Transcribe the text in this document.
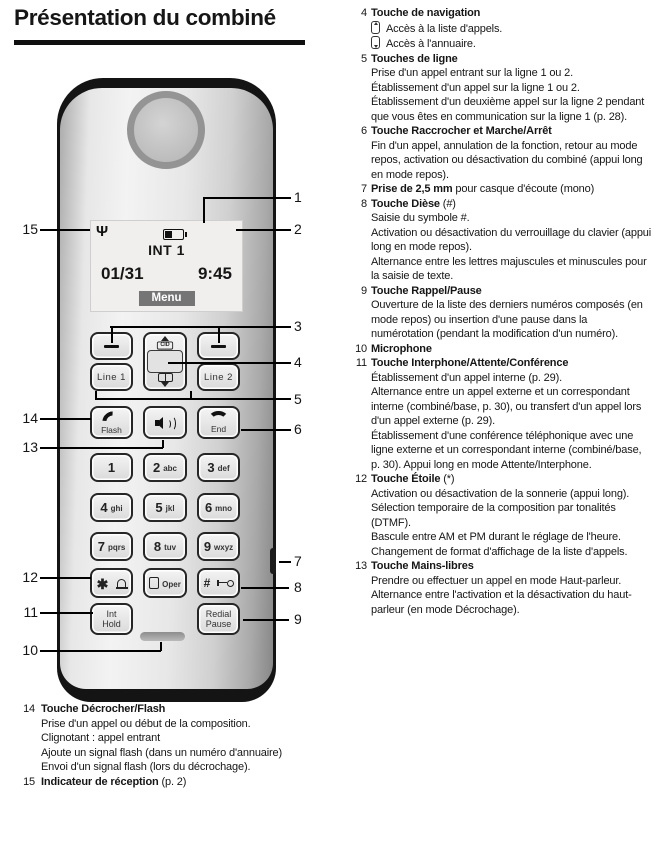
Présentation du combiné
Ψ
INT 1
01/31	9:45
Menu
CID
Line 1	Line 2
Flash	End
✱	Oper #
Int
Hold
Redial
Pause
1	2 abc 3 def
4 ghi	5 jkl 6 mno
7 pqrs 8 tuv 9 wxyz
1
2
3
4
5
6
7
8
9
10
11
12
13
14
15
4 Touche de navigation
Accès à la liste d'appels.
Accès à l'annuaire.
5 Touches de ligne
Prise d'un appel entrant sur la ligne 1 ou 2.
Établissement d'un appel sur la ligne 1 ou 2.
Établissement d'un deuxième appel sur la ligne 2 pendant que vous êtes en communication sur la ligne 1 (p. 28).
6 Touche Raccrocher et Marche/Arrêt
Fin d'un appel, annulation de la fonction, retour au mode repos, activation ou désactivation du combiné (appui long en mode repos).
7 Prise de 2,5 mm pour casque d'écoute (mono)
8 Touche Dièse (#)
Saisie du symbole #.
Activation ou désactivation du verrouillage du clavier (appui long en mode repos).
Alternance entre les lettres majuscules et minuscules pour la saisie de texte.
9 Touche Rappel/Pause
Ouverture de la liste des derniers numéros composés (en mode repos) ou insertion d'une pause dans la numérotation (pendant la modification d'un numéro).
10 Microphone
11 Touche Interphone/Attente/Conférence
Établissement d'un appel interne (p. 29).
Alternance entre un appel externe et un correspondant interne (combiné/base, p. 30), ou transfert d'un appel lors d'un appel externe (p. 29).
Établissement d'une conférence téléphonique avec une ligne externe et un correspondant interne (combiné/base, p. 30). Appui long en mode Attente/Interphone.
12 Touche Étoile (*)
Activation ou désactivation de la sonnerie (appui long).
Sélection temporaire de la composition par tonalités (DTMF).
Bascule entre AM et PM durant le réglage de l'heure.
Changement de format d'affichage de la liste d'appels.
13 Touche Mains-libres
Prendre ou effectuer un appel en mode Haut-parleur.
Alternance entre l'activation et la désactivation du haut-parleur (en mode Décrochage).
14 Touche Décrocher/Flash
Prise d'un appel ou début de la composition.
Clignotant : appel entrant
Ajoute un signal flash (dans un numéro d'annuaire)
Envoi d'un signal flash (lors du décrochage).
15 Indicateur de réception (p. 2)
